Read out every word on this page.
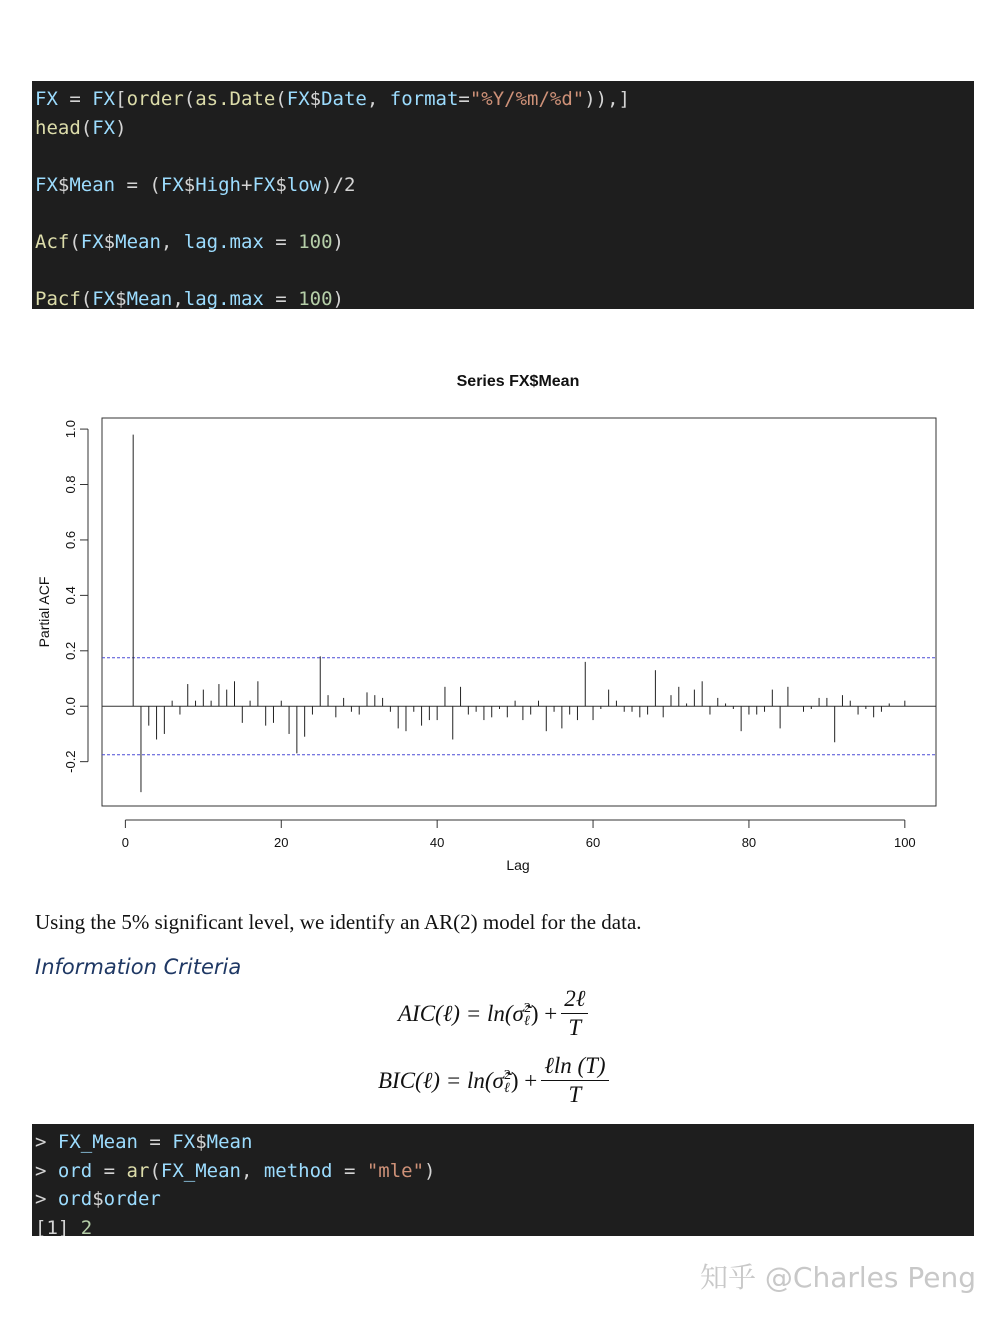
FX = FX[order(as.Date(FX$Date, format="%Y/%m/%d")),]
head(FX)
FX$Mean = (FX$High+FX$low)/2
Acf(FX$Mean, lag.max = 100)
Pacf(FX$Mean,lag.max = 100)
Series FX$Mean
-0.2
0.0
0.2
0.4
0.6
0.8
1.0
0	20	40	60	80	100
Lag
Partial ACF
Using the 5% significant level, we identify an AR(2) model for the data.
Information Criteria
AIC(ℓ) = ln(σ̃ 2
ℓ ) + $\frac{\text{2ℓ}}{T}$
BIC(ℓ) = ln(σ̃ 2
ℓ ) + $\frac{\text{ℓln (T)}}{T}$
> FX_Mean = FX$Mean
> ord = ar(FX_Mean, method = "mle")
> ord$order
[1] 2
知乎 @Charles Peng
